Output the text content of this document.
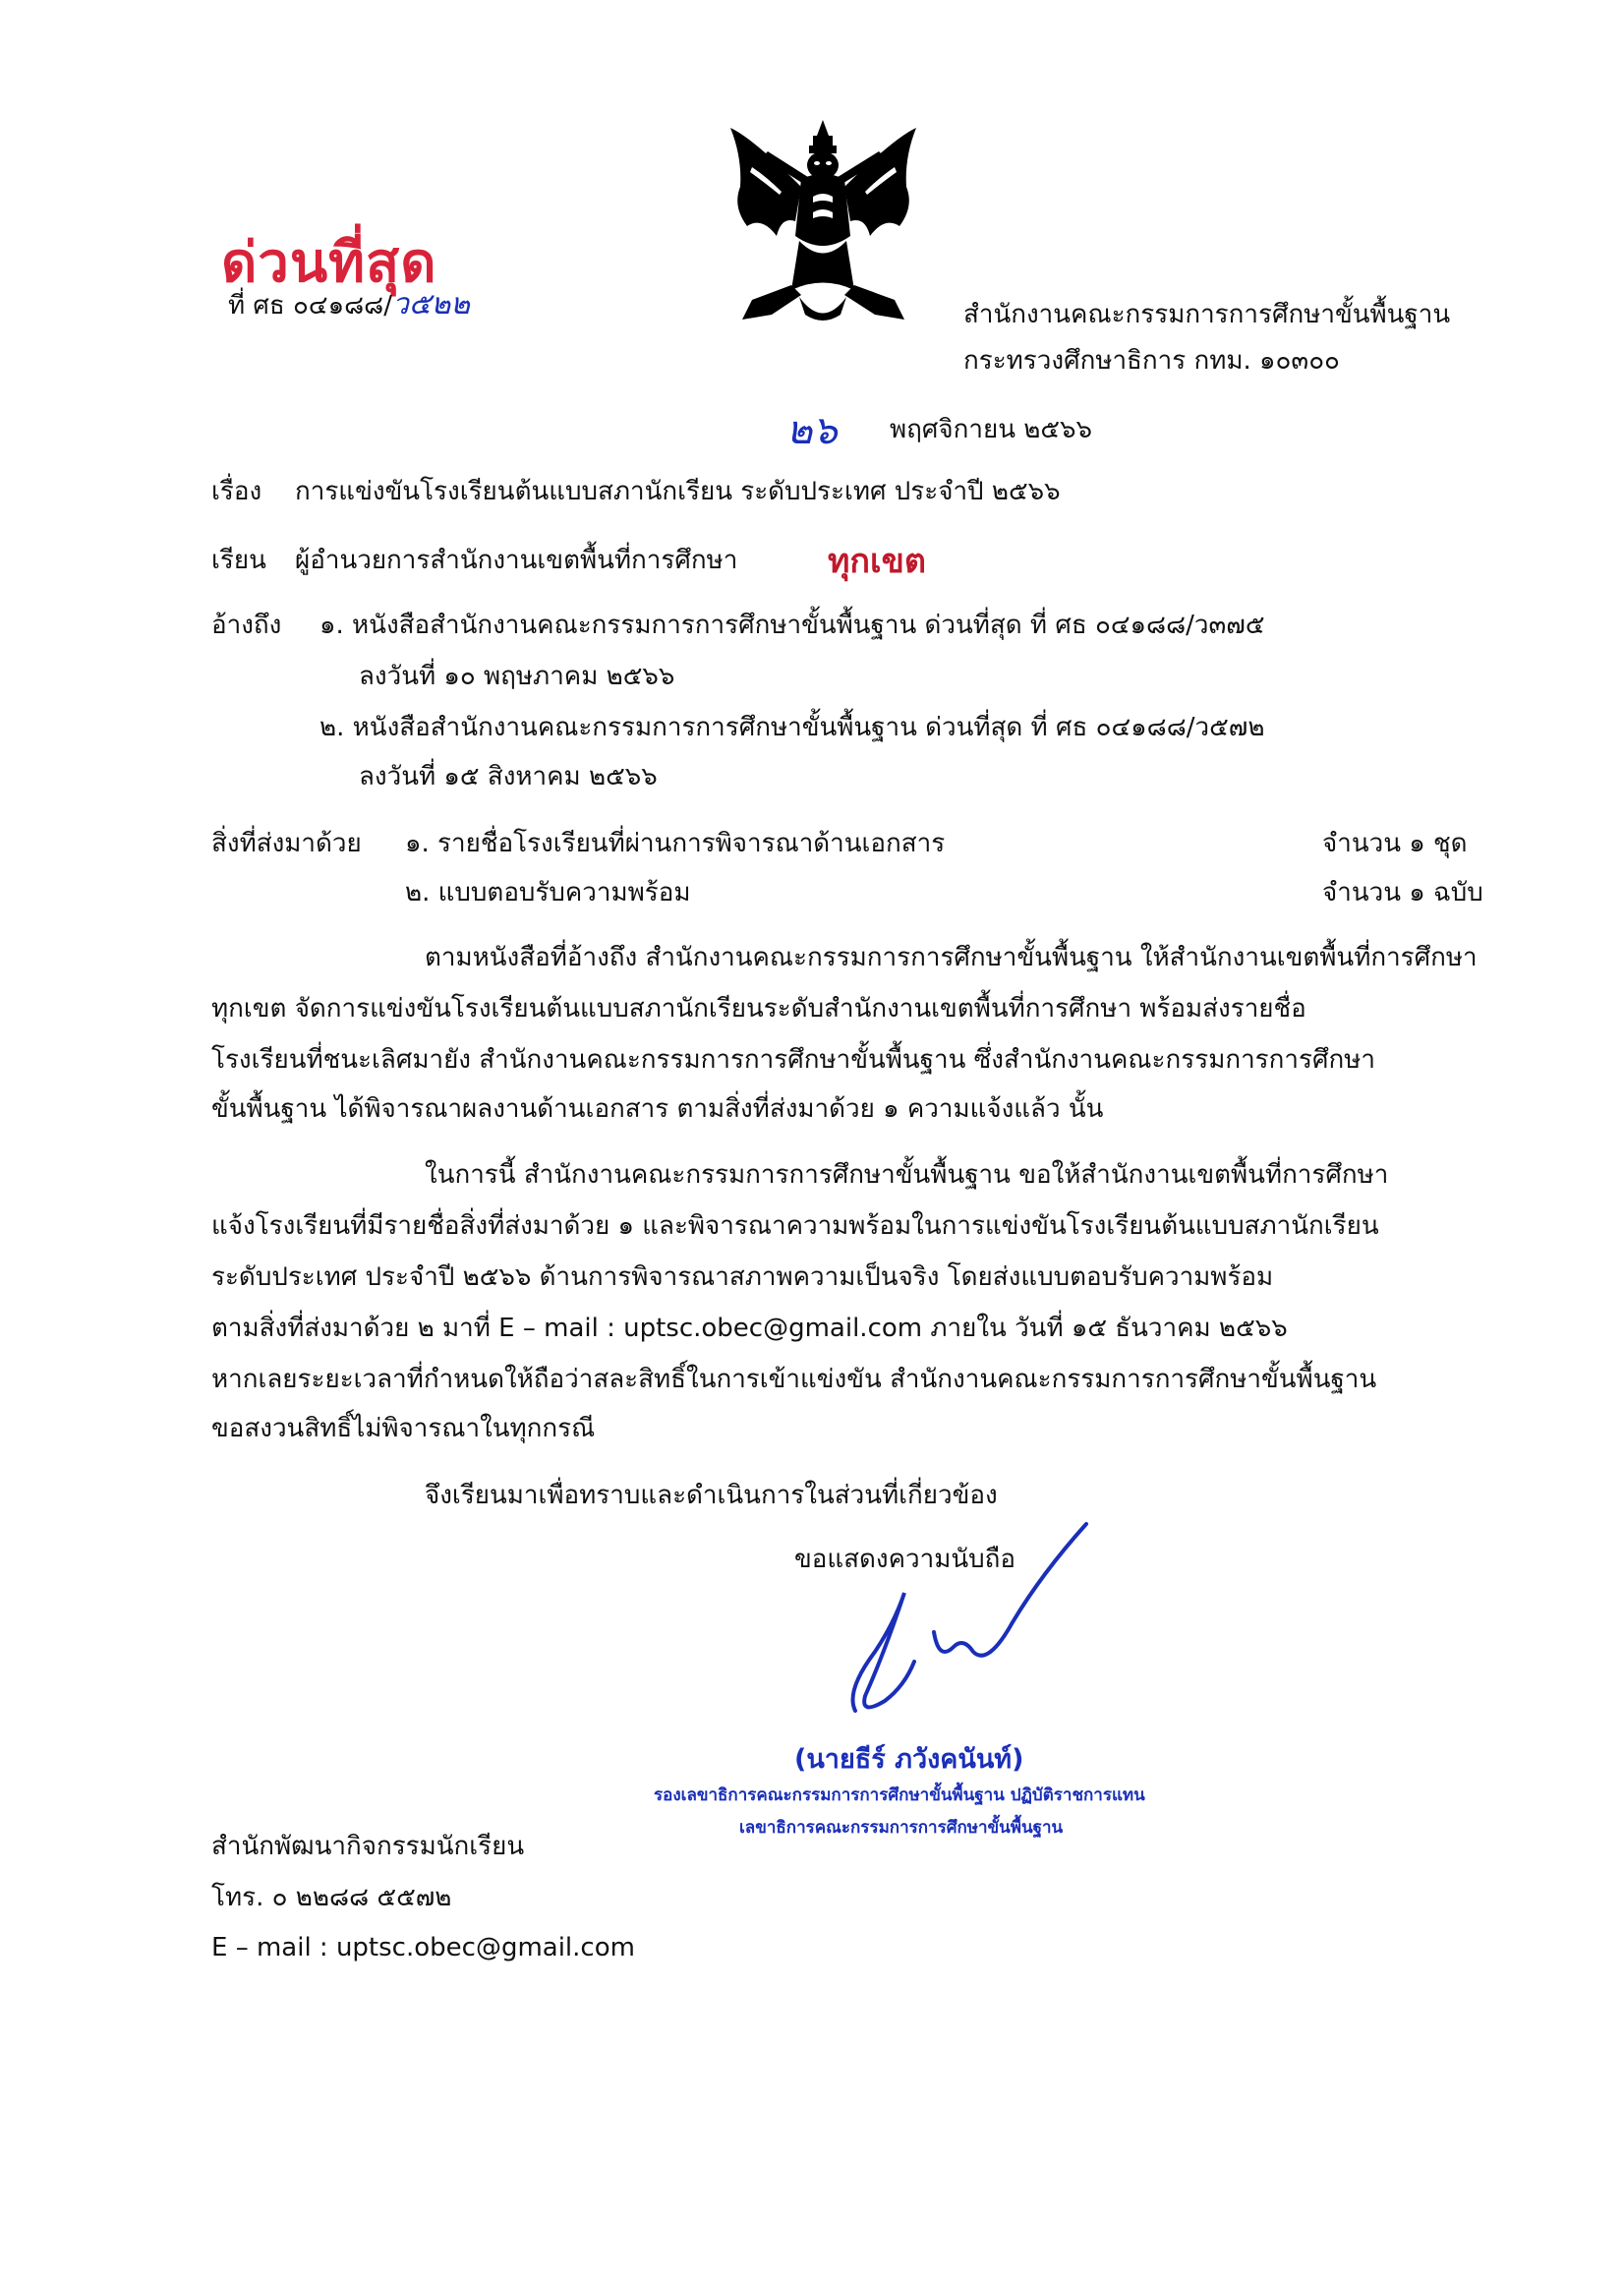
ด่วนที่สุด
ที่ ศธ ๐๔๑๘๘/ว๕๒๒	สำนักงานคณะกรรมการการศึกษาขั้นพื้นฐาน
กระทรวงศึกษาธิการ กทม. ๑๐๓๐๐
๒๖ พฤศจิกายน ๒๕๖๖
เรื่อง การแข่งขันโรงเรียนต้นแบบสภานักเรียน ระดับประเทศ ประจำปี ๒๕๖๖
เรียน ผู้อำนวยการสำนักงานเขตพื้นที่การศึกษา	ทุกเขต
อ้างถึง ๑. หนังสือสำนักงานคณะกรรมการการศึกษาขั้นพื้นฐาน ด่วนที่สุด ที่ ศธ ๐๔๑๘๘/ว๓๗๕
ลงวันที่ ๑๐ พฤษภาคม ๒๕๖๖
๒. หนังสือสำนักงานคณะกรรมการการศึกษาขั้นพื้นฐาน ด่วนที่สุด ที่ ศธ ๐๔๑๘๘/ว๕๗๒
ลงวันที่ ๑๕ สิงหาคม ๒๕๖๖
สิ่งที่ส่งมาด้วย ๑. รายชื่อโรงเรียนที่ผ่านการพิจารณาด้านเอกสาร	จำนวน ๑ ชุด
๒. แบบตอบรับความพร้อม	จำนวน ๑ ฉบับ
ตามหนังสือที่อ้างถึง สำนักงานคณะกรรมการการศึกษาขั้นพื้นฐาน ให้สำนักงานเขตพื้นที่การศึกษา
ทุกเขต จัดการแข่งขันโรงเรียนต้นแบบสภานักเรียนระดับสำนักงานเขตพื้นที่การศึกษา พร้อมส่งรายชื่อ
โรงเรียนที่ชนะเลิศมายัง สำนักงานคณะกรรมการการศึกษาขั้นพื้นฐาน ซึ่งสำนักงานคณะกรรมการการศึกษา
ขั้นพื้นฐาน ได้พิจารณาผลงานด้านเอกสาร ตามสิ่งที่ส่งมาด้วย ๑ ความแจ้งแล้ว นั้น
ในการนี้ สำนักงานคณะกรรมการการศึกษาขั้นพื้นฐาน ขอให้สำนักงานเขตพื้นที่การศึกษา
แจ้งโรงเรียนที่มีรายชื่อสิ่งที่ส่งมาด้วย ๑ และพิจารณาความพร้อมในการแข่งขันโรงเรียนต้นแบบสภานักเรียน
ระดับประเทศ ประจำปี ๒๕๖๖ ด้านการพิจารณาสภาพความเป็นจริง โดยส่งแบบตอบรับความพร้อม
ตามสิ่งที่ส่งมาด้วย ๒ มาที่ E – mail : uptsc.obec@gmail.com ภายใน วันที่ ๑๕ ธันวาคม ๒๕๖๖
หากเลยระยะเวลาที่กำหนดให้ถือว่าสละสิทธิ์ในการเข้าแข่งขัน สำนักงานคณะกรรมการการศึกษาขั้นพื้นฐาน
ขอสงวนสิทธิ์ไม่พิจารณาในทุกกรณี
จึงเรียนมาเพื่อทราบและดำเนินการในส่วนที่เกี่ยวข้อง
ขอแสดงความนับถือ
(นายธีร์ ภวังคนันท์)
รองเลขาธิการคณะกรรมการการศึกษาขั้นพื้นฐาน ปฏิบัติราชการแทน
เลขาธิการคณะกรรมการการศึกษาขั้นพื้นฐาน
สำนักพัฒนากิจกรรมนักเรียน
โทร. ๐ ๒๒๘๘ ๕๕๗๒
E – mail : uptsc.obec@gmail.com
